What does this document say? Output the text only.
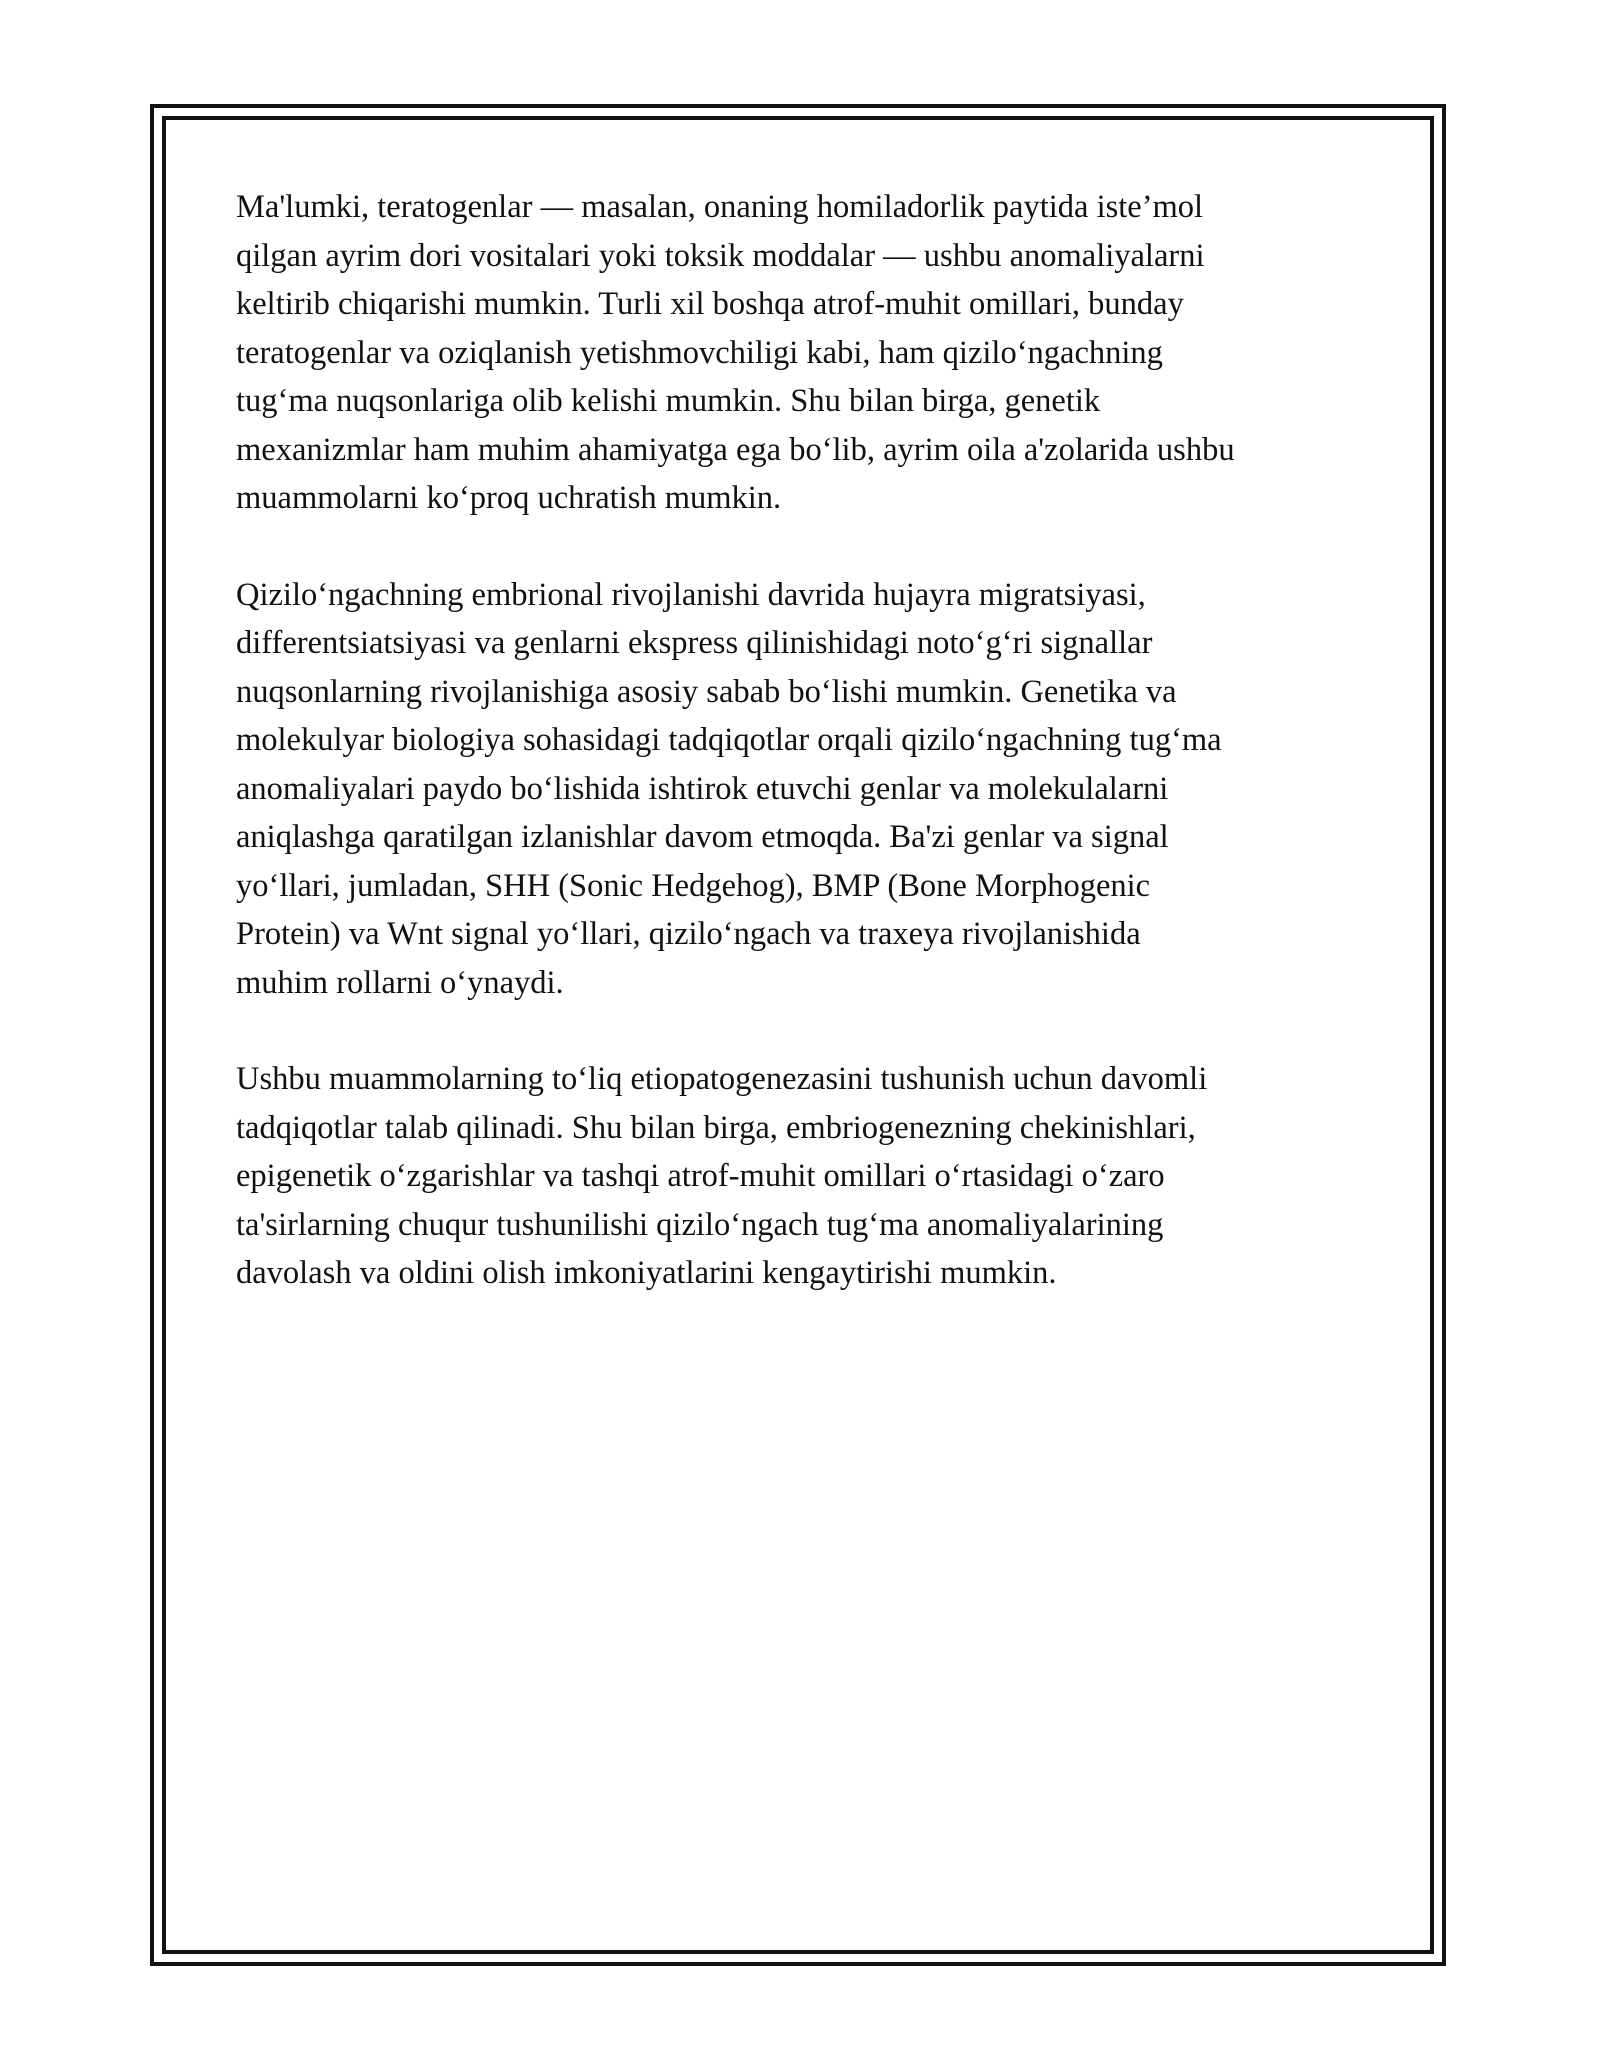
Ma'lumki, teratogenlar — masalan, onaning homiladorlik paytida iste’mol
qilgan ayrim dori vositalari yoki toksik moddalar — ushbu anomaliyalarni
keltirib chiqarishi mumkin. Turli xil boshqa atrof-muhit omillari, bunday
teratogenlar va oziqlanish yetishmovchiligi kabi, ham qizilo‘ngachning
tug‘ma nuqsonlariga olib kelishi mumkin. Shu bilan birga, genetik
mexanizmlar ham muhim ahamiyatga ega bo‘lib, ayrim oila a'zolarida ushbu
muammolarni ko‘proq uchratish mumkin.

Qizilo‘ngachning embrional rivojlanishi davrida hujayra migratsiyasi,
differentsiatsiyasi va genlarni ekspress qilinishidagi noto‘g‘ri signallar
nuqsonlarning rivojlanishiga asosiy sabab bo‘lishi mumkin. Genetika va
molekulyar biologiya sohasidagi tadqiqotlar orqali qizilo‘ngachning tug‘ma
anomaliyalari paydo bo‘lishida ishtirok etuvchi genlar va molekulalarni
aniqlashga qaratilgan izlanishlar davom etmoqda. Ba'zi genlar va signal
yo‘llari, jumladan, SHH (Sonic Hedgehog), BMP (Bone Morphogenic
Protein) va Wnt signal yo‘llari, qizilo‘ngach va traxeya rivojlanishida
muhim rollarni o‘ynaydi.

Ushbu muammolarning to‘liq etiopatogenezasini tushunish uchun davomli
tadqiqotlar talab qilinadi. Shu bilan birga, embriogenezning chekinishlari,
epigenetik o‘zgarishlar va tashqi atrof-muhit omillari o‘rtasidagi o‘zaro
ta'sirlarning chuqur tushunilishi qizilo‘ngach tug‘ma anomaliyalarining
davolash va oldini olish imkoniyatlarini kengaytirishi mumkin.
